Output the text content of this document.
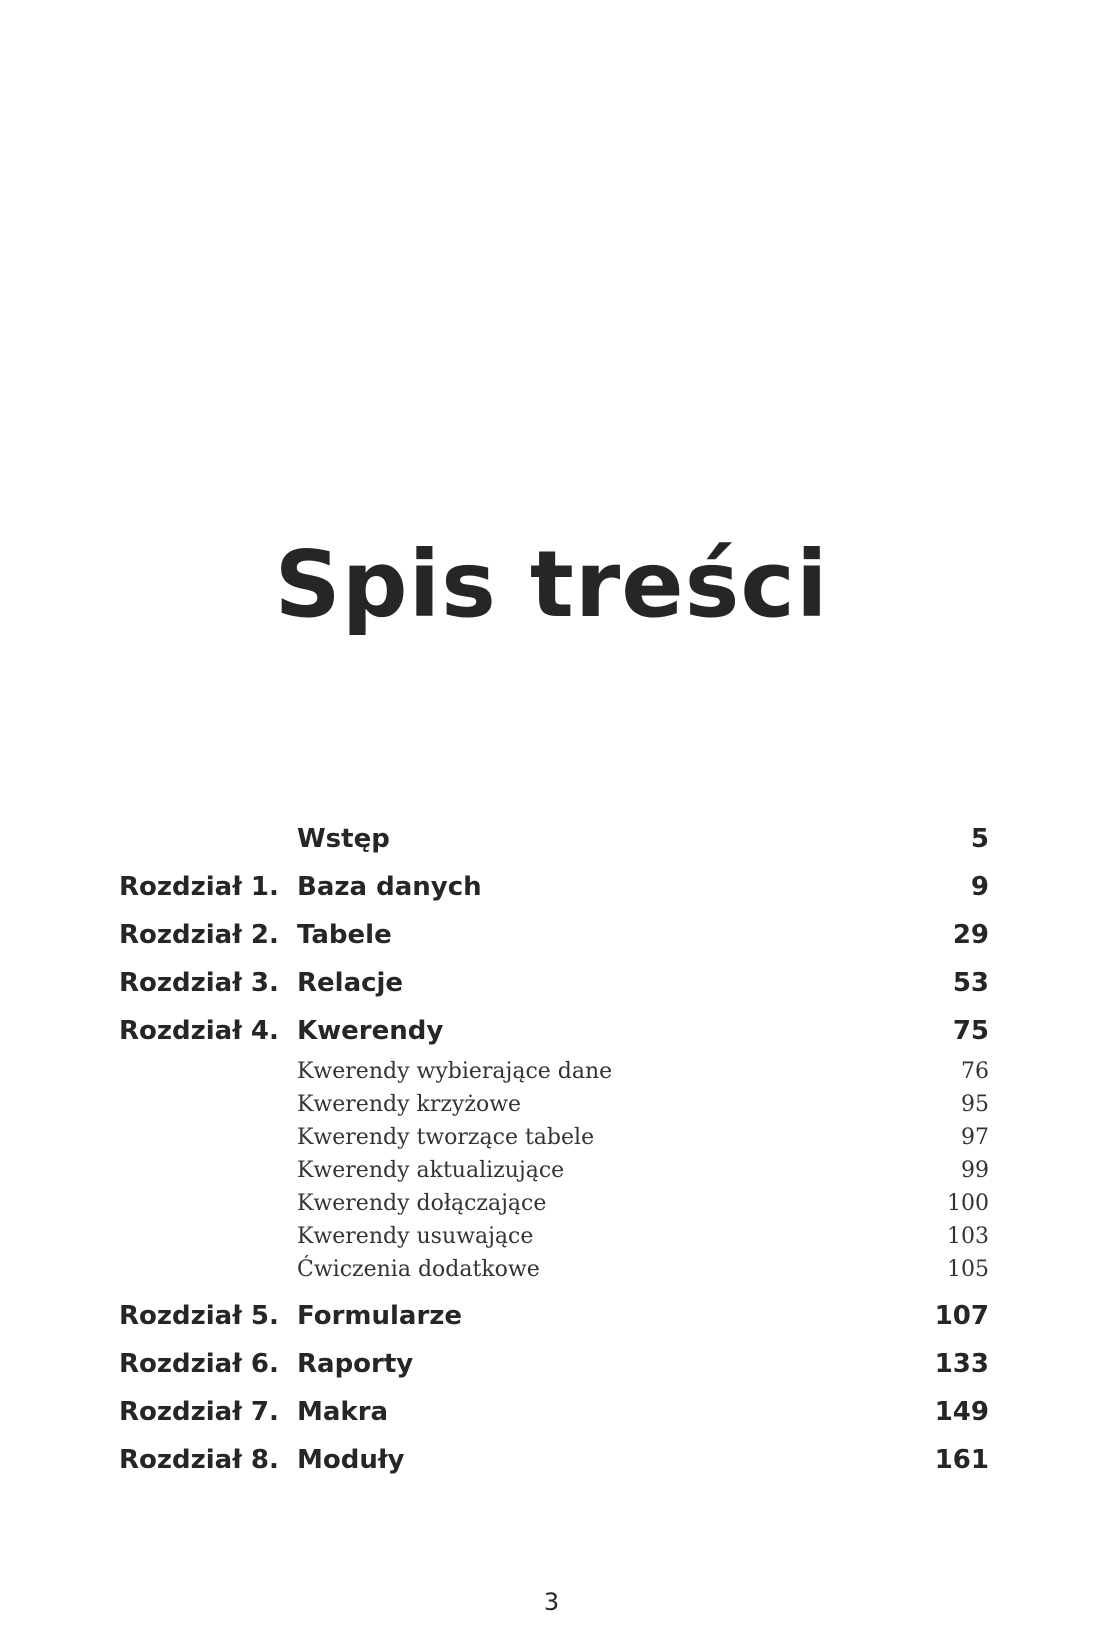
Spis treści
Wstęp	5
Rozdział 1. Baza danych	9
Rozdział 2. Tabele	29
Rozdział 3. Relacje	53
Rozdział 4. Kwerendy	75
Kwerendy wybierające dane	76
Kwerendy krzyżowe	95
Kwerendy tworzące tabele	97
Kwerendy aktualizujące	99
Kwerendy dołączające	100
Kwerendy usuwające	103
Ćwiczenia dodatkowe	105
Rozdział 5. Formularze	107
Rozdział 6. Raporty	133
Rozdział 7. Makra	149
Rozdział 8. Moduły	161
3
